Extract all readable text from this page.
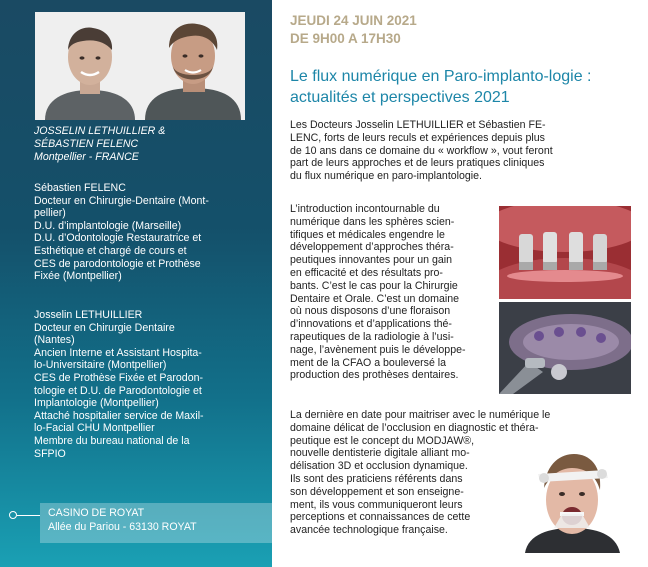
JOSSELIN LETHUILLIER &
SÉBASTIEN FELENC
Montpellier - FRANCE
Sébastien FELENC
Docteur en Chirurgie-Dentaire (Mont-
pellier)
D.U. d’implantologie (Marseille)
D.U. d’Odontologie Restauratrice et
Esthétique et chargé de cours et
CES de parodontologie et Prothèse
Fixée (Montpellier)
Josselin LETHUILLIER
Docteur en Chirurgie Dentaire
(Nantes)
Ancien Interne et Assistant Hospita-
lo-Universitaire (Montpellier)
CES de Prothèse Fixée et Parodon-
tologie et D.U. de Parodontologie et
Implantologie (Montpellier)
Attaché hospitalier service de Maxil-
lo-Facial CHU Montpellier
Membre du bureau national de la
SFPIO
CASINO DE ROYAT
Allée du Pariou - 63130 ROYAT
JEUDI 24 JUIN 2021
DE 9H00 A 17H30
Le flux numérique en Paro-implanto-logie : actualités et perspectives 2021
Les Docteurs Josselin LETHUILLIER et Sébastien FE-
LENC, forts de leurs reculs et expériences depuis plus
de 10 ans dans ce domaine du « workflow », vout feront
part de leurs approches et de leurs pratiques cliniques
du flux numérique en paro-implantologie.
L’introduction incontournable du
numérique dans les sphères scien-
tifiques et médicales engendre le
développement d’approches théra-
peutiques innovantes pour un gain
en efficacité et des résultats pro-
bants. C’est le cas pour la Chirurgie
Dentaire et Orale. C’est un domaine
où nous disposons d’une floraison
d’innovations et d’applications thé-
rapeutiques de la radiologie à l’usi-
nage, l’avènement puis le développe-
ment de la CFAO a bouleversé la
production des prothèses dentaires.
La dernière en date pour maitriser avec le numérique le
domaine délicat de l’occlusion en diagnostic et théra-
peutique est le concept du MODJAW®,
nouvelle dentisterie digitale alliant mo-
délisation 3D et occlusion dynamique.
Ils sont des praticiens référents dans
son développement et son enseigne-
ment, ils vous communiqueront leurs
perceptions et connaissances de cette
avancée technologique française.
